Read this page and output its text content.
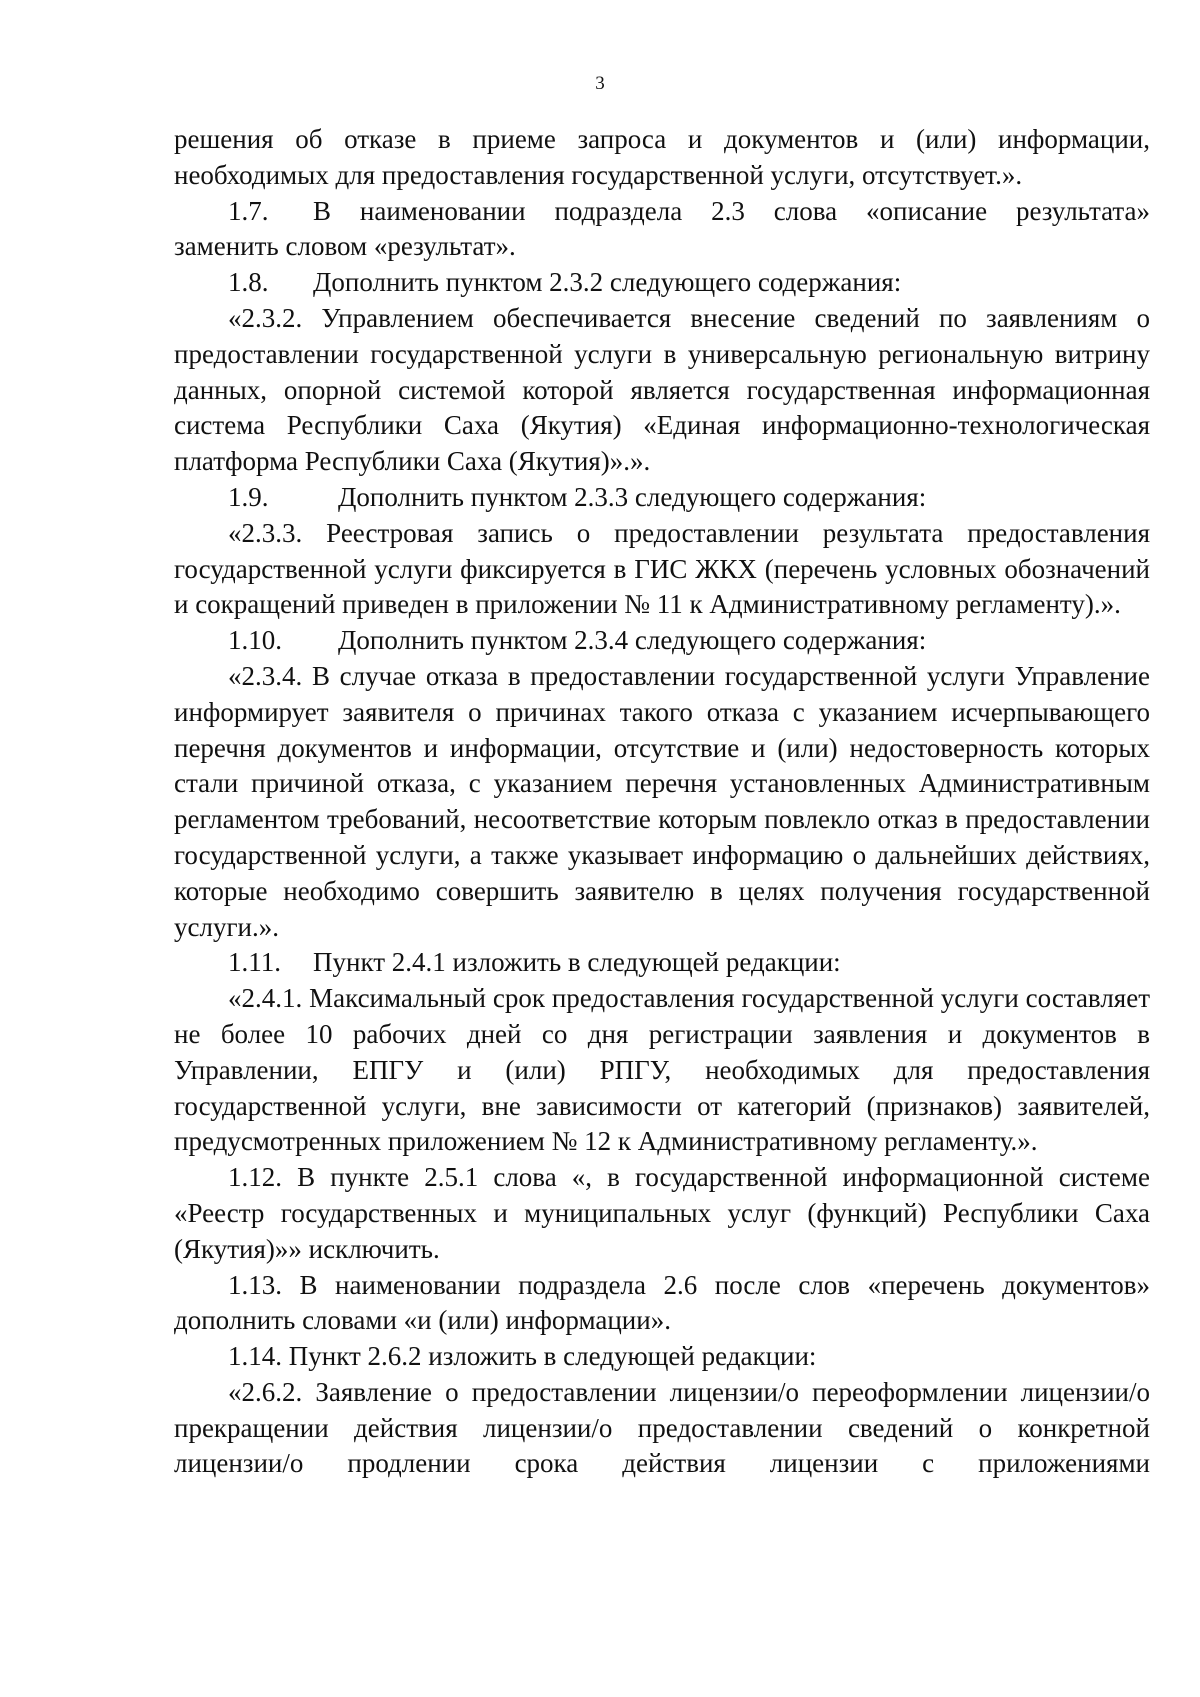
3

решения об отказе в приеме запроса и документов и (или) информации, необходимых для предоставления государственной услуги, отсутствует.».

1.7.	В наименовании подраздела 2.3 слова «описание результата»

заменить словом «результат».

1.8.	Дополнить пунктом 2.3.2 следующего содержания:

«2.3.2. Управлением обеспечивается внесение сведений по заявлениям о предоставлении государственной услуги в универсальную региональную витрину данных, опорной системой которой является государственная информационная система Республики Саха (Якутия) «Единая информационно-технологическая платформа Республики Саха (Якутия)».».

1.9.	Дополнить пунктом 2.3.3 следующего содержания:

«2.3.3. Реестровая запись о предоставлении результата предоставления государственной услуги фиксируется в ГИС ЖКХ (перечень условных обозначений и сокращений приведен в приложении № 11 к Административному регламенту).».

1.10.	Дополнить пунктом 2.3.4 следующего содержания:

«2.3.4. В случае отказа в предоставлении государственной услуги Управление информирует заявителя о причинах такого отказа с указанием исчерпывающего перечня документов и информации, отсутствие и (или) недостоверность которых стали причиной отказа, с указанием перечня установленных Административным регламентом требований, несоответствие которым повлекло отказ в предоставлении государственной услуги, а также указывает информацию о дальнейших действиях, которые необходимо совершить заявителю в целях получения государственной услуги.».

1.11.	Пункт 2.4.1 изложить в следующей редакции:

«2.4.1. Максимальный срок предоставления государственной услуги составляет не более 10 рабочих дней со дня регистрации заявления и документов в Управлении, ЕПГУ и (или) РПГУ, необходимых для предоставления государственной услуги, вне зависимости от категорий (признаков) заявителей, предусмотренных приложением № 12 к Административному регламенту.».

1.12. В пункте 2.5.1 слова «, в государственной информационной системе «Реестр государственных и муниципальных услуг (функций) Республики Саха (Якутия)»» исключить.

1.13. В наименовании подраздела 2.6 после слов «перечень документов» дополнить словами «и (или) информации».

1.14. Пункт 2.6.2 изложить в следующей редакции:

«2.6.2. Заявление о предоставлении лицензии/о переоформлении лицензии/о прекращении действия лицензии/о предоставлении сведений о конкретной лицензии/о продлении срока действия лицензии с приложениями
